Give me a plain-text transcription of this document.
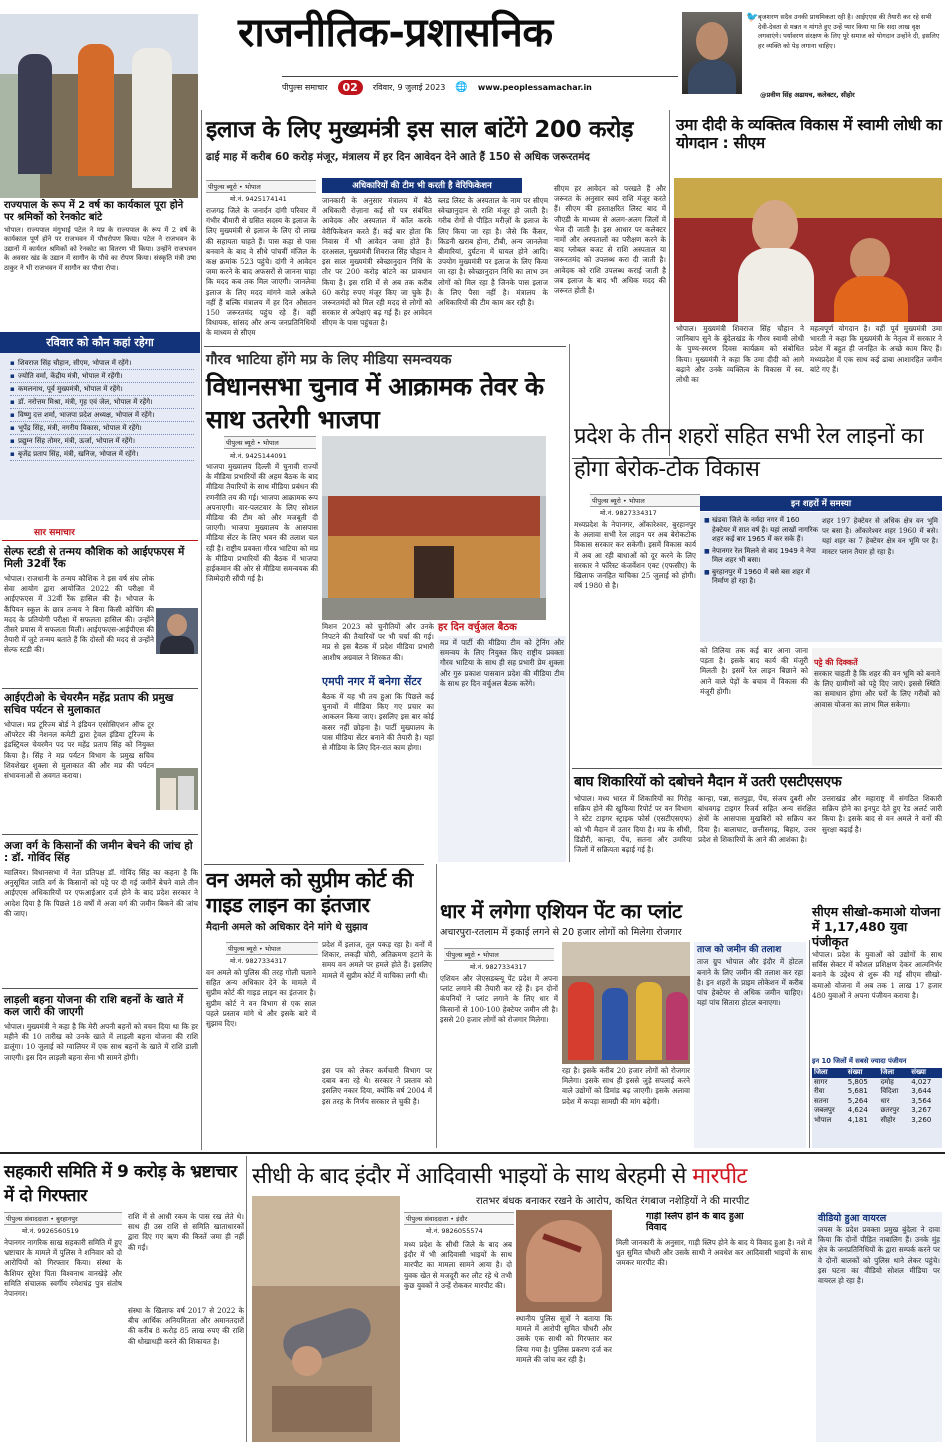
राजनीतिक-प्रशासनिक
पीपुल्स समाचार	02	रविवार, 9 जुलाई 2023 🌐 www.peoplessamachar.in
🐦 बृजशरण सदैव उनकी प्राथमिकता रही है। आईएएस की तैयारी कर रहे सभी देवी-देवता से मन्नत न मांगते हुए उन्हें प्यार किया या कि सदा लाख वृक्ष लगवाएंगे। पर्यावरण संरक्षण के लिए पूरे समाज को योगदान उन्होंने दी, इसलिए हर व्यक्ति को पेड़ लगाना चाहिए।
@प्रवीण सिंह अढायच, कलेक्टर, सीहोर
राज्यपाल के रूप में 2 वर्ष का कार्यकाल पूरा होने पर श्रमिकों को रेनकोट बांटे
भोपाल। राज्यपाल मंगुभाई पटेल ने मप्र के राज्यपाल के रूप में 2 वर्ष के कार्यकाल पूर्ण होने पर राजभवन में पौधरोपण किया। पटेल ने राजभवन के उद्यानों में कार्यरत श्रमिकों को रेनकोट का वितरण भी किया। उन्होंने राजभवन के अवसर खंड के उद्यान में सागौन के पौधे का रोपण किया। संस्कृति मंत्री उषा ठाकुर ने भी राजभवन में सागौन का पौधा रोपा।
रविवार को कौन कहां रहेगा
▪ शिवराज सिंह चौहान, सीएम, भोपाल में रहेंगे।
▪ ज्योति वर्मा, केंद्रीय मंत्री, भोपाल में रहेंगी।
▪ कमलनाथ, पूर्व मुख्यमंत्री, भोपाल में रहेंगे।
▪ डॉ. नरोत्तम मिश्रा, मंत्री, गृह एवं जेल, भोपाल में रहेंगे।
▪ विष्णु दत्त शर्मा, भाजपा प्रदेश अध्यक्ष, भोपाल में रहेंगे।
▪ भूपेंद्र सिंह, मंत्री, नगरीय विकास, भोपाल में रहेंगे।
▪ प्रद्युम्न सिंह तोमर, मंत्री, ऊर्जा, भोपाल में रहेंगे।
▪ बृजेंद्र प्रताप सिंह, मंत्री, खनिज, भोपाल में रहेंगे।
सार समाचार
सेल्फ स्टडी से तन्मय कौशिक को आईएफएस में मिली 32वीं रैंक
भोपाल। राजधानी के तन्मय कौशिक ने इस वर्ष संघ लोक सेवा आयोग द्वारा आयोजित 2022 की परीक्षा में आईएफएस में 32वीं रैंक हासिल की है। भोपाल के कैंपियन स्कूल के छात्र तन्मय ने बिना किसी कोचिंग की मदद के प्रतियोगी परीक्षा में सफलता हासिल की। उन्होंने तीसरे प्रयास में सफलता मिली। आईएफएस-आईपीएस की तैयारी में जुटे तन्मय बताते हैं कि दोस्तों की मदद से उन्होंने सेल्फ स्टडी की।
आईएटीओ के चेयरमैन महेंद्र प्रताप की प्रमुख सचिव पर्यटन से मुलाकात
भोपाल। मप्र टूरिज्म बोर्ड ने इंडियन एसोसिएशन ऑफ टूर ऑपरेटर की नेशनल कमेटी द्वारा ट्रेवल इंडिया टूरिज्म के इंडस्ट्रियल चेयरमैन पद पर महेंद्र प्रताप सिंह को नियुक्त किया है। सिंह ने मप्र पर्यटन विभाग के प्रमुख सचिव शिवशेखर शुक्ला से मुलाकात की और मप्र की पर्यटन संभावनाओं से अवगत कराया।
अजा वर्ग के किसानों की जमीन बेचने की जांच हो : डॉ. गोविंद सिंह
ग्वालियर। विधानसभा में नेता प्रतिपक्ष डॉ. गोविंद सिंह का कहना है कि अनुसूचित जाति वर्ग के किसानों को पट्टे पर दी गई जमीनें बेचने वाले तीन आईएएस अधिकारियों पर एफआईआर दर्ज होने के बाद प्रदेश सरकार ने आदेश दिया है कि पिछले 18 वर्षों में अजा वर्ग की जमीन बिकने की जांच की जाए।
लाड़ली बहना योजना की राशि बहनों के खाते में कल जारी की जाएगी
भोपाल। मुख्यमंत्री ने कहा है कि मेरी अपनी बहनों को वचन दिया था कि हर महीने की 10 तारीख को उनके खाते में लाड़ली बहना योजना की राशि डालूंगा। 10 जुलाई को ग्वालियर में एक साथ बहनों के खाते में राशि डाली जाएगी। इस दिन लाड़ली बहना सेना भी सामने होंगी।
इलाज के लिए मुख्यमंत्री इस साल बांटेंगे 200 करोड़
ढाई माह में करीब 60 करोड़ मंजूर, मंत्रालय में हर दिन आवेदन देने आते हैं 150 से अधिक जरूरतमंद
पीपुल्स ब्यूरो • भोपाल
मो.नं. 9425174141
अधिकारियों की टीम भी करती है वेरिफिकेशन
राजगढ़ जिले के जनार्दन दांगी परिवार में गंभीर बीमारी से ग्रसित सदस्य के इलाज के लिए मुख्यमंत्री से इलाज के लिए दो लाख की सहायता चाहते हैं। पास कहा से पास बनवाने के बाद वे सीधे पांचवीं मंजिल के कक्ष क्रमांक 523 पहुंचे। दांगी ने आवेदन जमा करने के बाद अफसरों से जानना चाहा कि मदद कब तक मिल जाएगी। जानलेवा इलाज के लिए मदद मांगने वाले अकेले नहीं हैं बल्कि मंत्रालय में हर दिन औसतन 150 जरूरतमंद पहुंच रहे हैं। वहीं विधायक, सांसद और अन्य जनप्रतिनिधियों के माध्यम से सीएम
जानकारी के अनुसार मंत्रालय में बैठे अधिकारी रोज़ाना कई सौ पत्र संबंधित आवेदक और अस्पताल में कॉल करके वेरीफिकेशन करते हैं। कई बार होता कि निवास में भी आवेदन जमा होते हैं। दरअसल, मुख्यमंत्री शिवराज सिंह चौहान ने इस साल मुख्यमंत्री स्वेच्छानुदान निधि के तौर पर 200 करोड़ बांटने का प्रावधान किया है। इस राशि में से अब तक करीब 60 करोड़ रुपए मंजूर किए जा चुके हैं। जरूरतमंदों को मिल रही मदद से लोगों को सरकार से अपेक्षाएं बढ़ गई हैं। हर आवेदन सीएम के पास पहुंचता है।
ब्लड लिस्ट के अस्पताल के नाम पर सीएम स्वेच्छानुदान से राशि मंजूर हो जाती है। गरीब रोगों से पीड़ित मरीज़ों के इलाज के लिए किया जा रहा है। जैसे कि कैंसर, किडनी खराब होना, टीबी, अन्य जानलेवा बीमारियां, दुर्घटना में घायल होने आदि। उपयोग मुख्यमंत्री पर इलाज के लिए किया जा रहा है। स्वेच्छानुदान निधि का लाभ उन लोगों को मिल रहा है जिनके पास इलाज के लिए पैसा नहीं है। मंत्रालय के अधिकारियों की टीम काम कर रही है।
सीएम हर आवेदन को परखते हैं और जरूरत के अनुसार स्वयं राशि मंजूर करते हैं। सीएम की हस्ताक्षरित लिस्ट बाद में जीएडी के माध्यम से अलग-अलग जिलों में भेज दी जाती है। इस आधार पर कलेक्टर नामों और अस्पतालों का परीक्षण करने के बाद ग्लोबल बजट से राशि अस्पताल या जरूरतमंद को उपलब्ध करा दी जाती है। आवेदक को राशि उपलब्ध कराई जाती है जब इलाज के बाद भी अधिक मदद की जरूरत होती है।
उमा दीदी के व्यक्तित्व विकास में स्वामी लोधी का योगदान : सीएम
भोपाल। मुख्यमंत्री शिवराज सिंह चौहान ने जानिबाप सुने के बुंदेलखंड के गौरव स्वामी लोधी के पुण्य-स्मरण दिवस कार्यक्रम को संबोधित किया। मुख्यमंत्री ने कहा कि उमा दीदी को आगे बढ़ाने और उनके व्यक्तित्व के विकास में स्व. लोधी का
महत्वपूर्ण योगदान है। वहीं पूर्व मुख्यमंत्री उमा भारती ने कहा कि मुख्यमंत्री के नेतृत्व में सरकार ने प्रदेश में बहुत ही जनहित के अच्छे काम किए हैं। मध्यप्रदेश में एक साथ कई ढाबा आशारहित जमीन बांटे गए हैं।
गौरव भाटिया होंगे मप्र के लिए मीडिया समन्वयक
विधानसभा चुनाव में आक्रामक तेवर के साथ उतरेगी भाजपा
पीपुल्स ब्यूरो • भोपाल
मो.नं. 9425144091
भाजपा मुख्यालय दिल्ली में चुनावी राज्यों के मीडिया प्रभारियों की अहम बैठक के बाद मीडिया तैयारियों के साथ मीडिया प्रबंधन की रणनीति तय की गई। भाजपा आक्रामक रूप अपनाएगी। वार-पलटवार के लिए सोशल मीडिया की टीम को और मजबूती दी जाएगी। भाजपा मुख्यालय के आसपास मीडिया सेंटर के लिए भवन की तलाश चल रही है। राष्ट्रीय प्रवक्ता गौरव भाटिया को मप्र के मीडिया प्रभारियों की बैठक में भाजपा हाईकमान की ओर से मीडिया समन्वयक की जिम्मेदारी सौंपी गई है।
मिशन 2023 को चुनौतियों और उनके निपटने की तैयारियों पर भी चर्चा की गई। मप्र से इस बैठक में प्रदेश मीडिया प्रभारी आशीष अग्रवाल ने शिरकत की।
एमपी नगर में बनेगा सेंटर
बैठक में यह भी तय हुआ कि पिछले कई चुनावों में मीडिया किए गए प्रचार का आकलन किया जाए। इसलिए इस बार कोई कसर नहीं छोड़ना है। पार्टी मुख्यालय के पास मीडिया सेंटर बनाने की तैयारी है। यहां से मीडिया के लिए दिन-रात काम होगा।
हर दिन वर्चुअल बैठक
मप्र में पार्टी की मीडिया टीम को ट्रेनिंग और समन्वय के लिए नियुक्त किए राष्ट्रीय प्रवक्ता गौरव भाटिया के साथ ही सह प्रभारी प्रेम शुक्ला और गुरु प्रकाश पासवान प्रदेश की मीडिया टीम के साथ हर दिन वर्चुअल बैठक करेंगे।
प्रदेश के तीन शहरों सहित सभी रेल लाइनों का होगा बेरोक-टोक विकास
पीपुल्स ब्यूरो • भोपाल
मो.नं. 9827334317
मध्यप्रदेश के नेपानगर, ओंकारेश्वर, बुरहानपुर के अलावा सभी रेल लाइन पर अब बेरोकटोक विकास सरकार कर सकेगी। इसमें विकास कार्य में अब आ रही बाधाओं को दूर करने के लिए सरकार ने फॉरेस्ट कंजर्वेशन एक्ट (एफसीए) के खिलाफ जनहित याचिका 25 जुलाई को होगी। वर्ष 1980 से है।
इन शहरों में समस्या
■ खंडवा जिले के नर्मदा नगर में 160 हेक्टेयर में सात वर्ष है। यहां लाखों नागरिक शहर कई बार 1965 में कर सके हैं।
■ नेपानगर रेल मिलने से बाद 1949 ने नेपा मिल शहर भी बसा।
■ बुरहानपुर में 1960 में बसे बस शहर में निर्माण हो रहा है।
शहर 197 हेक्टेयर से अधिक क्षेत्र वन भूमि पर बसा है। ओंकारेश्वर शहर 1960 में बसे। यहां शहर का 7 हेक्टेयर क्षेत्र वन भूमि पर है। मास्टर प्लान तैयार हो रहा है।
को तिलिया तक कई बार आना जाना पड़ता है। इसके बाद कार्य की मंजूरी मिलती है। इसमें रेल लाइन बिछाने को आने वाले पेड़ों के बचाव में विकास की मंजूरी होगी।
पट्टे की दिक्कतें
सरकार चाहती है कि शहर की वन भूमि को बनाने के लिए ग्रामीणों को पट्टे दिए जाएं। इससे स्थिति का समाधान होगा और घरों के लिए गरीबों को आवास योजना का लाभ मिल सकेगा।
बाघ शिकारियों को दबोचने मैदान में उतरी एसटीएसएफ
भोपाल। मध्य भारत में शिकारियों का गिरोह सक्रिय होने की खुफिया रिपोर्ट पर वन विभाग ने स्टेट टाइगर स्ट्राइक फोर्स (एसटीएसएफ) को भी मैदान में उतार दिया है। मप्र के सीधी, डिंडौरी, कान्हा, पेंच, सतना और उमरिया जिलों में सक्रियता बढ़ाई गई है।
कान्हा, पन्ना, सतपुड़ा, पेंच, संजय दुबरी और बांधवगढ़ टाइगर रिजर्व सहित अन्य संरक्षित क्षेत्रों के आसपास मुखबिरों को सक्रिय कर दिया है। बालाघाट, छत्तीसगढ़, बिहार, उत्तर प्रदेश से शिकारियों के आने की आशंका है।
उत्तराखंड और महाराष्ट्र में संगठित शिकारी सक्रिय होने का इनपुट देते हुए रेड अलर्ट जारी किया है। इसके बाद से वन अमले ने वनों की सुरक्षा बढ़ाई है।
वन अमले को सुप्रीम कोर्ट की गाइड लाइन का इंतजार
मैदानी अमले को अधिकार देने मांगे थे सुझाव
पीपुल्स ब्यूरो • भोपाल
मो.नं. 9827334317
वन अमले को पुलिस की तरह गोली चलाने सहित अन्य अधिकार देने के मामले में सुप्रीम कोर्ट की गाइड लाइन का इंतजार है। सुप्रीम कोर्ट ने वन विभाग से एक साल पहले प्रस्ताव मांगे थे और इसके बारे में सुझाव दिए।
प्रदेश में इलाज, तूल पकड़ रहा है। वनों में शिकार, लकड़ी चोरी, अतिक्रमण हटाने के समय वन अमले पर हमले होते हैं। इसलिए मामले में सुप्रीम कोर्ट में याचिका लगी थी।
इस पत्र को लेकर कर्मचारी विभाग पर दबाव बना रहे थे। सरकार ने प्रस्ताव को इसलिए नकार दिया, क्योंकि वर्ष 2004 में इस तरह के निर्णय सरकार ले चुकी है।
धार में लगेगा एशियन पेंट का प्लांट
अचारपुरा-रतलाम में इकाई लगने से 20 हजार लोगों को मिलेगा रोजगार
पीपुल्स ब्यूरो • भोपाल
मो.नं. 9827334317
एशियन और जेएसडब्ल्यू पेंट प्रदेश में अपना प्लांट लगाने की तैयारी कर रहे हैं। इन दोनों कंपनियों ने प्लांट लगाने के लिए धार में किसानों से 100-100 हेक्टेयर जमीन ली है। इससे 20 हजार लोगों को रोजगार मिलेगा।
रहा है। इसके करीब 20 हजार लोगों को रोजगार मिलेगा। इसके साथ ही इससे जुड़े सपलाई करने वाले उद्योगों को डिमांड बढ़ जाएगी। इसके अलावा प्रदेश में कपड़ा सामग्री की मांग बढ़ेगी।
ताज को जमीन की तलाश
ताज ग्रुप भोपाल और इंदौर में होटल बनाने के लिए जमीन की तलाश कर रहा है। इन शहरों के प्राइम लोकेशन में करीब पांच हेक्टेयर से अधिक जमीन चाहिए। यहां पांच सितारा होटल बनाएगा।
सीएम सीखो-कमाओ योजना में 1,17,480 युवा पंजीकृत
भोपाल। प्रदेश के युवाओं को उद्योगों के साथ सर्विस सेक्टर में कौशल प्रशिक्षण देकर आत्मनिर्भर बनाने के उद्देश्य से शुरू की गई सीएम सीखो-कमाओ योजना में अब तक 1 लाख 17 हजार 480 युवाओं ने अपना पंजीयन कराया है।
इन 10 जिलों में सबसे ज्यादा पंजीयन
जिला	संख्या	जिला	संख्या
सागर	5,805	दमोह	4,027
रीवा	5,681	विदिशा	3,644
सतना	5,264	धार	3,564
जबलपुर	4,624	छतरपुर	3,267
भोपाल	4,181	सीहोर	3,260
सहकारी समिति में 9 करोड़ के भ्रष्टाचार में दो गिरफ्तार
पीपुल्स संवाददाता • बुरहानपुर
मो.नं. 9926560519
नेपानगर नागरिक साख सहकारी समिति में हुए भ्रष्टाचार के मामले में पुलिस ने शनिवार को दो आरोपियों को गिरफ्तार किया। संस्था के कैशियर सुरेश पिता विश्वनाथ वानखेड़े और समिति संचालक स्वर्गीय रमेशचंद्र पुत्र संतोष नेपानगर।
राशि में से आधी रकम के पास रख लेते थे। साथ ही उस राशि से समिति खाताधारकों द्वारा दिए गए ऋण की किस्तें जमा ही नहीं की गईं।
संस्था के खिलाफ वर्ष 2017 से 2022 के बीच आर्थिक अनियमितता और अमानतदारों की करीब 8 करोड़ 85 लाख रुपए की राशि की धोखाधड़ी करने की शिकायत है।
सीधी के बाद इंदौर में आदिवासी भाइयों के साथ बेरहमी से मारपीट
रातभर बंधक बनाकर रखने के आरोप, कथित रंगबाज नशेड़ियों ने की मारपीट
पीपुल्स संवाददाता • इंदौर
मो.नं. 9826055574
मध्य प्रदेश के सीधी जिले के बाद अब इंदौर में भी आदिवासी भाइयों के साथ मारपीट का मामला सामने आया है। दो युवक खेत से मजदूरी कर लौट रहे थे तभी कुछ युवकों ने उन्हें रोककर मारपीट की।
स्थानीय पुलिस सूत्रों ने बताया कि मामले में आरोपी सुमित चौधरी और उसके एक साथी को गिरफ्तार कर लिया गया है। पुलिस प्रकरण दर्ज कर मामले की जांच कर रही है।
गाड़ी स्लिप होने के बाद हुआ विवाद
मिली जानकारी के अनुसार, गाड़ी स्लिप होने के बाद ये विवाद हुआ है। नशे में धुत सुमित चौधरी और उसके साथी ने अवधेश कर आदिवासी भाइयों के साथ जमकर मारपीट की।
वीडियो हुआ वायरल
जयस के प्रदेश प्रवक्ता प्रमुख बुंदेला ने दावा किया कि दोनों पीड़ित नाबालिग हैं। उनके मुंह क्षेत्र के जनप्रतिनिधियों के द्वारा सम्पर्क करने पर वे दोनों बालकों को पुलिस थाने लेकर पहुंचे। इस घटना का वीडियो सोशल मीडिया पर वायरल हो रहा है।
